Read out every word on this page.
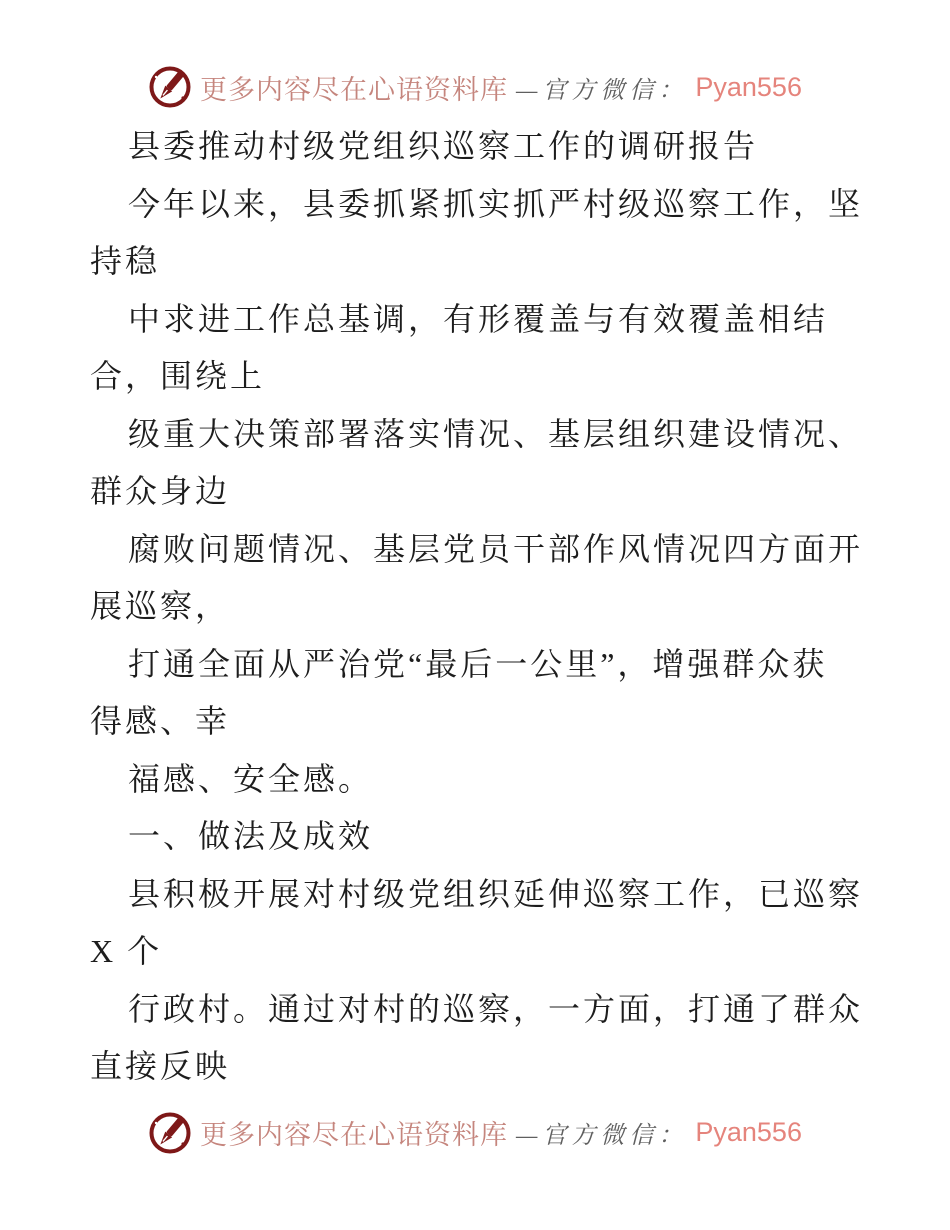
更多内容尽在心语资料库 —官方微信： Pyan556
县委推动村级党组织巡察工作的调研报告
今年以来，县委抓紧抓实抓严村级巡察工作，坚
持稳
中求进工作总基调，有形覆盖与有效覆盖相结
合，围绕上
级重大决策部署落实情况、基层组织建设情况、
群众身边
腐败问题情况、基层党员干部作风情况四方面开
展巡察，
打通全面从严治党“最后一公里”，增强群众获
得感、幸
福感、安全感。
一、做法及成效
县积极开展对村级党组织延伸巡察工作，已巡察
X 个
行政村。通过对村的巡察，一方面，打通了群众
直接反映
更多内容尽在心语资料库 —官方微信： Pyan556
